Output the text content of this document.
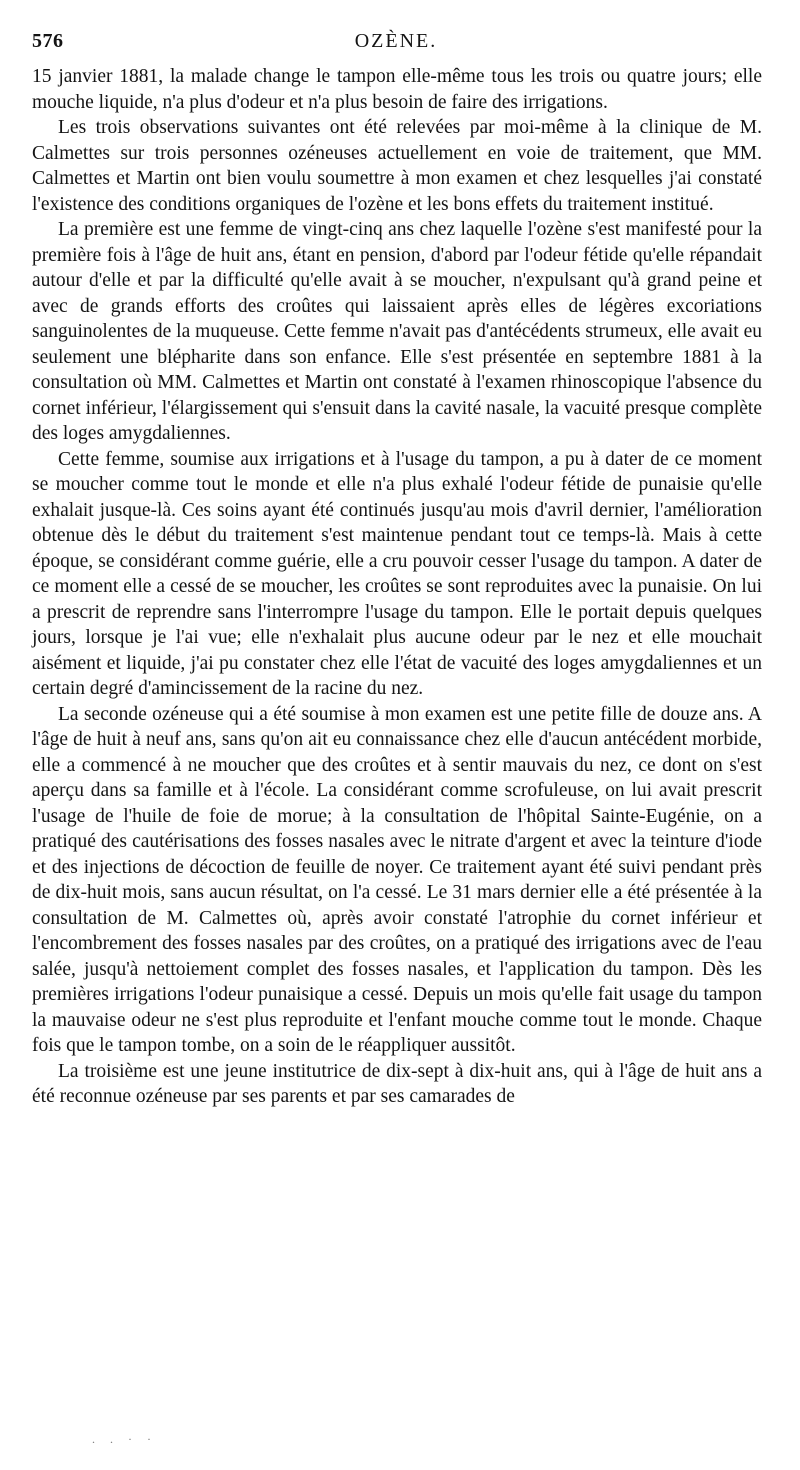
576	OZÈNE.

15 janvier 1881, la malade change le tampon elle-même tous les trois ou quatre jours; elle mouche liquide, n'a plus d'odeur et n'a plus besoin de faire des irrigations.

Les trois observations suivantes ont été relevées par moi-même à la clinique de M. Calmettes sur trois personnes ozéneuses actuellement en voie de traitement, que MM. Calmettes et Martin ont bien voulu soumettre à mon examen et chez lesquelles j'ai constaté l'existence des conditions organiques de l'ozène et les bons effets du traitement institué.

La première est une femme de vingt-cinq ans chez laquelle l'ozène s'est manifesté pour la première fois à l'âge de huit ans, étant en pension, d'abord par l'odeur fétide qu'elle répandait autour d'elle et par la difficulté qu'elle avait à se moucher, n'expulsant qu'à grand peine et avec de grands efforts des croûtes qui laissaient après elles de légères excoriations sanguinolentes de la muqueuse. Cette femme n'avait pas d'antécédents strumeux, elle avait eu seulement une blépharite dans son enfance. Elle s'est présentée en septembre 1881 à la consultation où MM. Calmettes et Martin ont constaté à l'examen rhinoscopique l'absence du cornet inférieur, l'élargissement qui s'ensuit dans la cavité nasale, la vacuité presque complète des loges amygdaliennes.

Cette femme, soumise aux irrigations et à l'usage du tampon, a pu à dater de ce moment se moucher comme tout le monde et elle n'a plus exhalé l'odeur fétide de punaisie qu'elle exhalait jusque-là. Ces soins ayant été continués jusqu'au mois d'avril dernier, l'amélioration obtenue dès le début du traitement s'est maintenue pendant tout ce temps-là. Mais à cette époque, se considérant comme guérie, elle a cru pouvoir cesser l'usage du tampon. A dater de ce moment elle a cessé de se moucher, les croûtes se sont reproduites avec la punaisie. On lui a prescrit de reprendre sans l'interrompre l'usage du tampon. Elle le portait depuis quelques jours, lorsque je l'ai vue; elle n'exhalait plus aucune odeur par le nez et elle mouchait aisément et liquide, j'ai pu constater chez elle l'état de vacuité des loges amygdaliennes et un certain degré d'amincissement de la racine du nez.

La seconde ozéneuse qui a été soumise à mon examen est une petite fille de douze ans. A l'âge de huit à neuf ans, sans qu'on ait eu connaissance chez elle d'aucun antécédent morbide, elle a commencé à ne moucher que des croûtes et à sentir mauvais du nez, ce dont on s'est aperçu dans sa famille et à l'école. La considérant comme scrofuleuse, on lui avait prescrit l'usage de l'huile de foie de morue; à la consultation de l'hôpital Sainte-Eugénie, on a pratiqué des cautérisations des fosses nasales avec le nitrate d'argent et avec la teinture d'iode et des injections de décoction de feuille de noyer. Ce traitement ayant été suivi pendant près de dix-huit mois, sans aucun résultat, on l'a cessé. Le 31 mars dernier elle a été présentée à la consultation de M. Calmettes où, après avoir constaté l'atrophie du cornet inférieur et l'encombrement des fosses nasales par des croûtes, on a pratiqué des irrigations avec de l'eau salée, jusqu'à nettoiement complet des fosses nasales, et l'application du tampon. Dès les premières irrigations l'odeur punaisique a cessé. Depuis un mois qu'elle fait usage du tampon la mauvaise odeur ne s'est plus reproduite et l'enfant mouche comme tout le monde. Chaque fois que le tampon tombe, on a soin de le réappliquer aussitôt.

La troisième est une jeune institutrice de dix-sept à dix-huit ans, qui à l'âge de huit ans a été reconnue ozéneuse par ses parents et par ses camarades de

. . · ·
